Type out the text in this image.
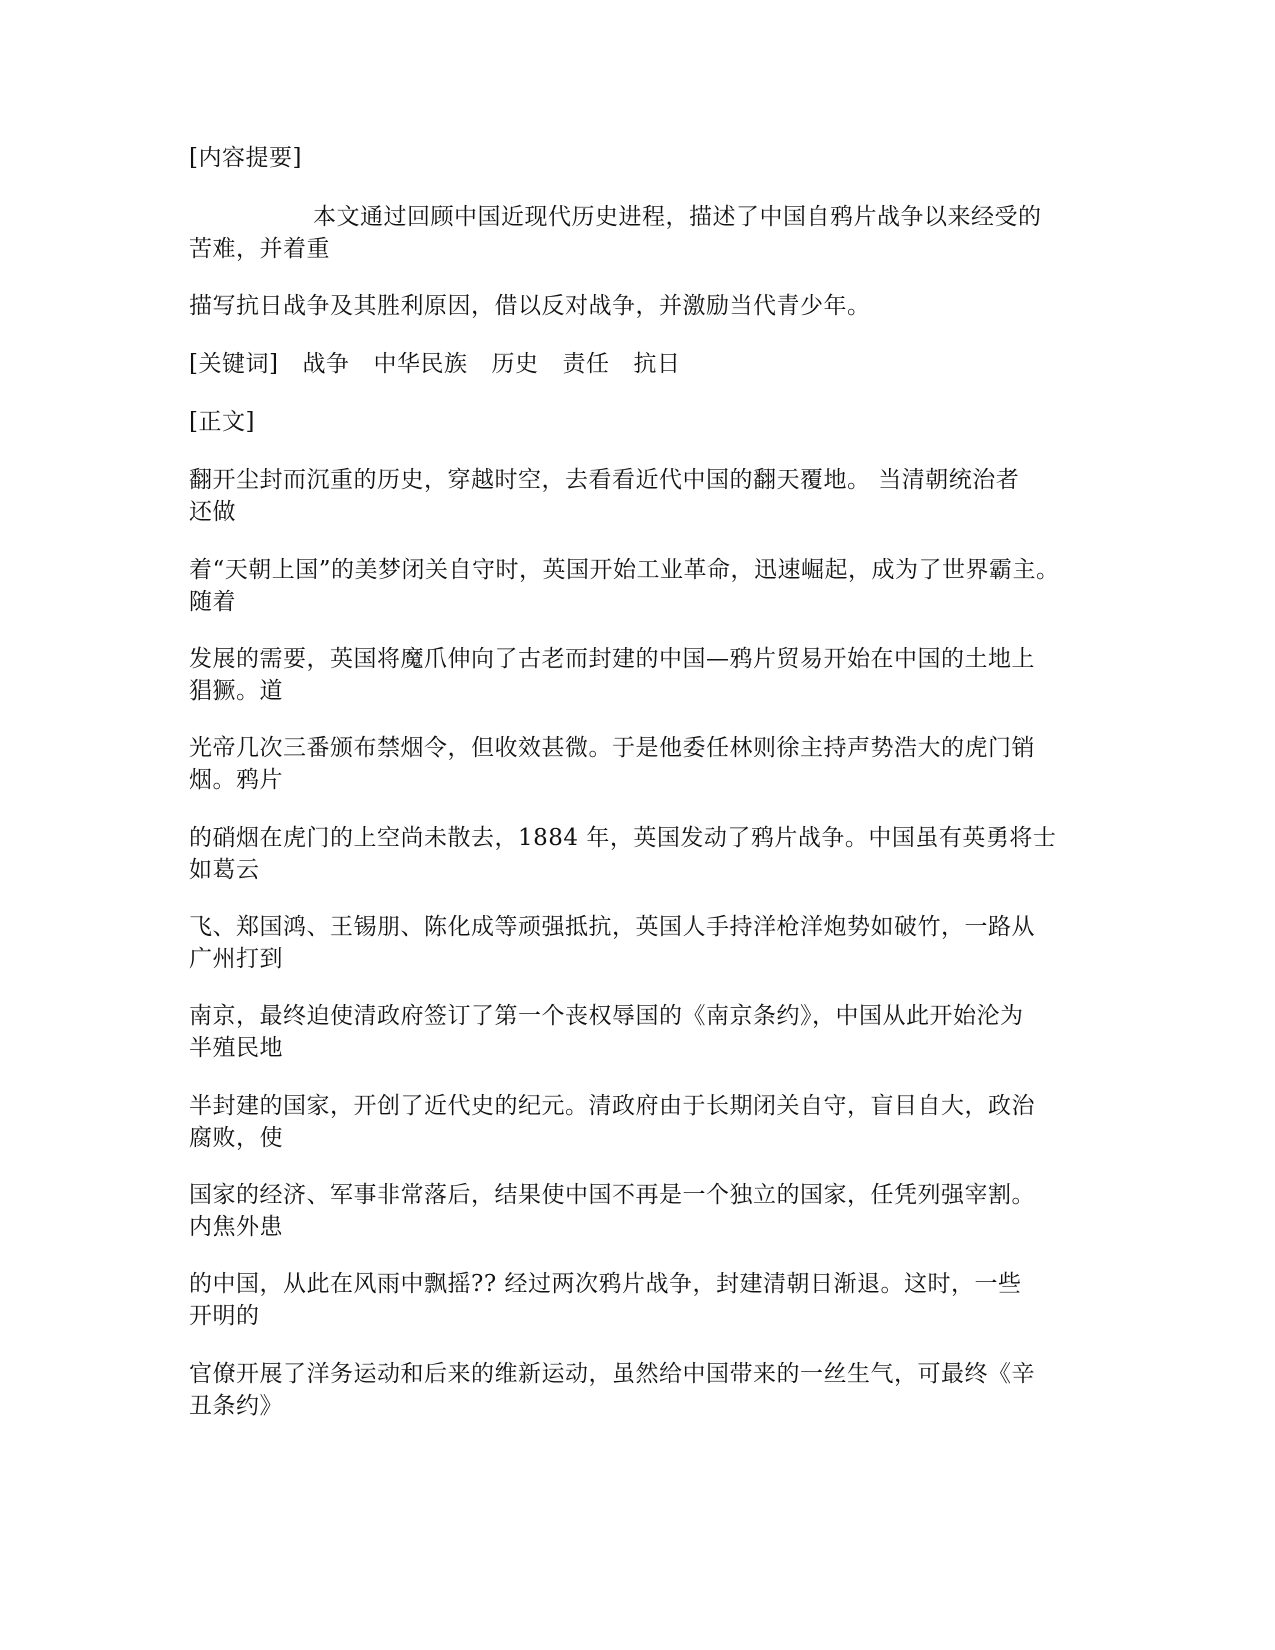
[内容提要]
本文通过回顾中国近现代历史进程，描述了中国自鸦片战争以来经受的
苦难，并着重
描写抗日战争及其胜利原因，借以反对战争，并激励当代青少年。
[关键词] 战争 中华民族 历史 责任 抗日
[正文]
翻开尘封而沉重的历史，穿越时空，去看看近代中国的翻天覆地。 当清朝统治者
还做
着“天朝上国”的美梦闭关自守时，英国开始工业革命，迅速崛起，成为了世界霸主。
随着
发展的需要，英国将魔爪伸向了古老而封建的中国—鸦片贸易开始在中国的土地上
猖獗。道
光帝几次三番颁布禁烟令，但收效甚微。于是他委任林则徐主持声势浩大的虎门销
烟。鸦片
的硝烟在虎门的上空尚未散去，1884 年，英国发动了鸦片战争。中国虽有英勇将士
如葛云
飞、郑国鸿、王锡朋、陈化成等顽强抵抗，英国人手持洋枪洋炮势如破竹，一路从
广州打到
南京，最终迫使清政府签订了第一个丧权辱国的《南京条约》，中国从此开始沦为
半殖民地
半封建的国家，开创了近代史的纪元。清政府由于长期闭关自守，盲目自大，政治
腐败，使
国家的经济、军事非常落后，结果使中国不再是一个独立的国家，任凭列强宰割。
内焦外患
的中国，从此在风雨中飘摇?? 经过两次鸦片战争，封建清朝日渐退。这时，一些
开明的
官僚开展了洋务运动和后来的维新运动，虽然给中国带来的一丝生气，可最终《辛
丑条约》
